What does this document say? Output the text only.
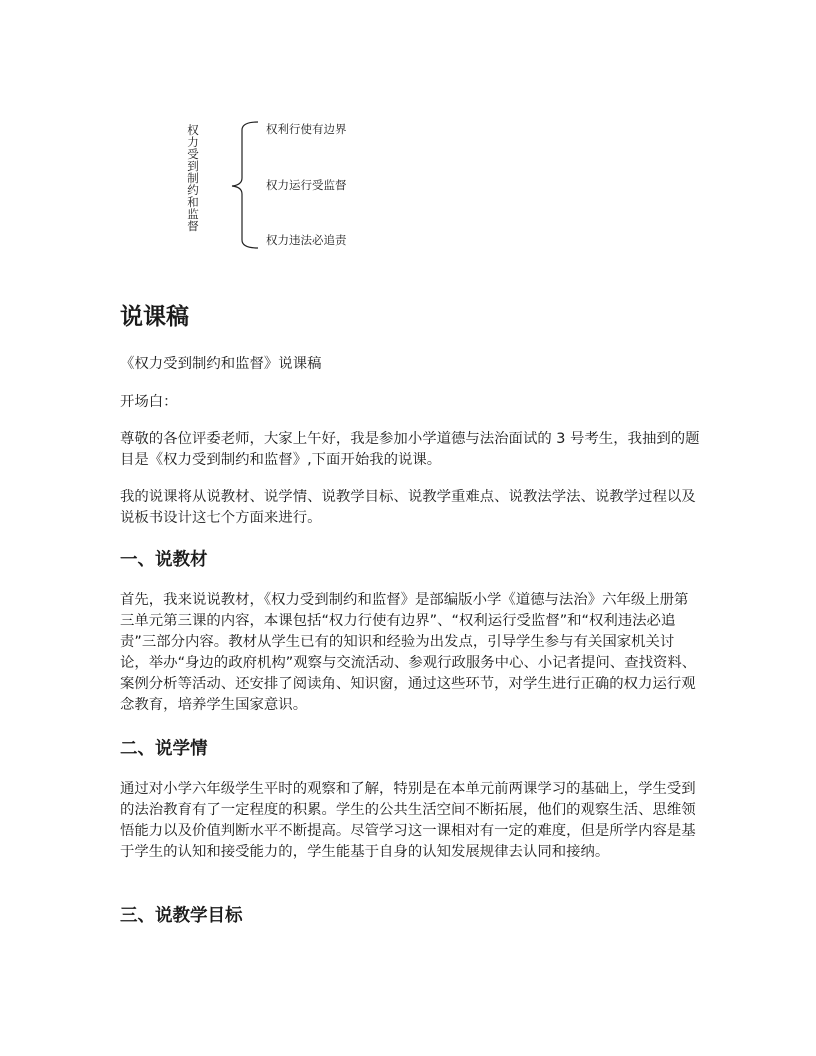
权力受到制约和监督	权利行使有边界
权力运行受监督
权力违法必追责
说课稿

《权力受到制约和监督》说课稿

开场白：

尊敬的各位评委老师，大家上午好，我是参加小学道德与法治面试的 3 号考生，我抽到的题目是《权力受到制约和监督》,下面开始我的说课。

我的说课将从说教材、说学情、说教学目标、说教学重难点、说教法学法、说教学过程以及说板书设计这七个方面来进行。

一、说教材

首先，我来说说教材，《权力受到制约和监督》是部编版小学《道德与法治》六年级上册第三单元第三课的内容，本课包括“权力行使有边界”、“权利运行受监督”和“权利违法必追责”三部分内容。教材从学生已有的知识和经验为出发点，引导学生参与有关国家机关讨论，举办“身边的政府机构”观察与交流活动、参观行政服务中心、小记者提问、查找资料、案例分析等活动、还安排了阅读角、知识窗，通过这些环节，对学生进行正确的权力运行观念教育，培养学生国家意识。

二、说学情

通过对小学六年级学生平时的观察和了解，特别是在本单元前两课学习的基础上，学生受到的法治教育有了一定程度的积累。学生的公共生活空间不断拓展，他们的观察生活、思维领悟能力以及价值判断水平不断提高。尽管学习这一课相对有一定的难度，但是所学内容是基于学生的认知和接受能力的，学生能基于自身的认知发展规律去认同和接纳。

三、说教学目标
